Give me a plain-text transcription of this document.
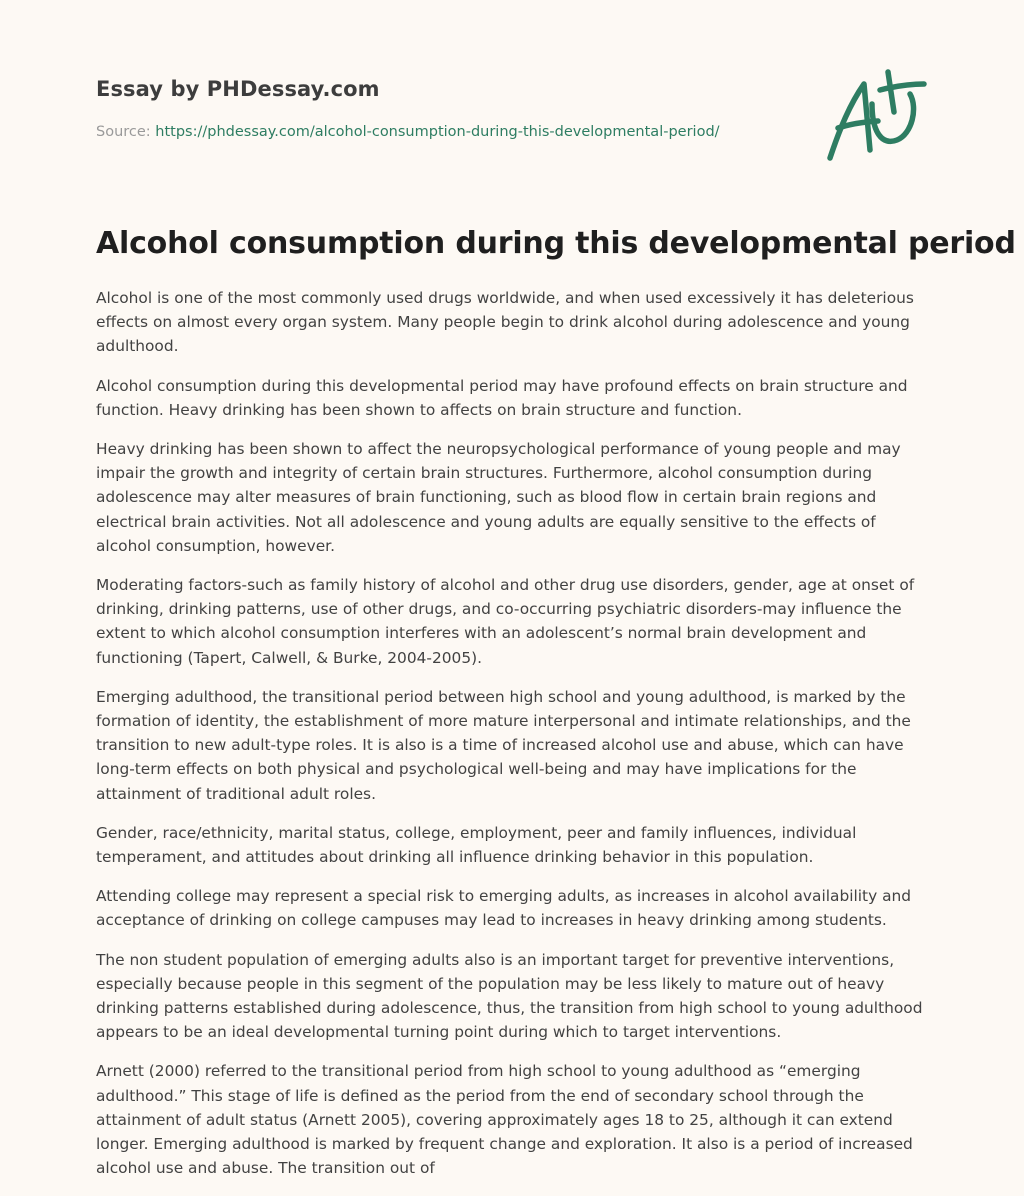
Essay by PHDessay.com
Source: https://phdessay.com/alcohol-consumption-during-this-developmental-period/
Alcohol consumption during this developmental period

Alcohol is one of the most commonly used drugs worldwide, and when used excessively it has deleterious effects on almost every organ system. Many people begin to drink alcohol during adolescence and young adulthood.

Alcohol consumption during this developmental period may have profound effects on brain structure and function. Heavy drinking has been shown to affects on brain structure and function.

Heavy drinking has been shown to affect the neuropsychological performance of young people and may impair the growth and integrity of certain brain structures. Furthermore, alcohol consumption during adolescence may alter measures of brain functioning, such as blood flow in certain brain regions and electrical brain activities. Not all adolescence and young adults are equally sensitive to the effects of alcohol consumption, however.

Moderating factors-such as family history of alcohol and other drug use disorders, gender, age at onset of drinking, drinking patterns, use of other drugs, and co-occurring psychiatric disorders-may influence the extent to which alcohol consumption interferes with an adolescent’s normal brain development and functioning (Tapert, Calwell, & Burke, 2004-2005).

Emerging adulthood, the transitional period between high school and young adulthood, is marked by the formation of identity, the establishment of more mature interpersonal and intimate relationships, and the transition to new adult-type roles. It is also is a time of increased alcohol use and abuse, which can have long-term effects on both physical and psychological well-being and may have implications for the attainment of traditional adult roles.

Gender, race/ethnicity, marital status, college, employment, peer and family influences, individual temperament, and attitudes about drinking all influence drinking behavior in this population.

Attending college may represent a special risk to emerging adults, as increases in alcohol availability and acceptance of drinking on college campuses may lead to increases in heavy drinking among students.

The non student population of emerging adults also is an important target for preventive interventions, especially because people in this segment of the population may be less likely to mature out of heavy drinking patterns established during adolescence, thus, the transition from high school to young adulthood appears to be an ideal developmental turning point during which to target interventions.

Arnett (2000) referred to the transitional period from high school to young adulthood as “emerging adulthood.” This stage of life is defined as the period from the end of secondary school through the attainment of adult status (Arnett 2005), covering approximately ages 18 to 25, although it can extend longer. Emerging adulthood is marked by frequent change and exploration. It also is a period of increased alcohol use and abuse. The transition out of
